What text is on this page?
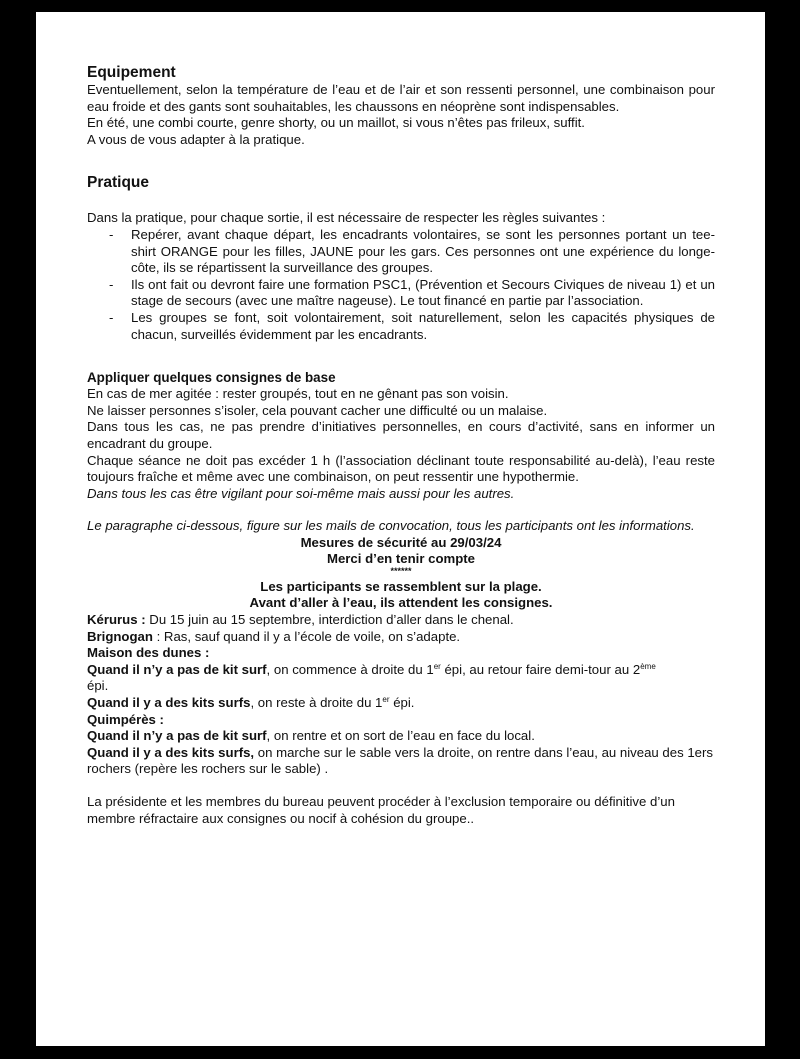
Equipement

Eventuellement, selon la température de l’eau et de l’air et son ressenti personnel, une combinaison pour eau froide et des gants sont souhaitables, les chaussons en néoprène sont indispensables.

En été, une combi courte, genre shorty, ou un maillot, si vous n’êtes pas frileux, suffit.

A vous de vous adapter à la pratique.

Pratique

Dans la pratique, pour chaque sortie, il est nécessaire de respecter les règles suivantes :

- Repérer, avant chaque départ, les encadrants volontaires, se sont les personnes portant un tee-shirt ORANGE pour les filles, JAUNE pour les gars. Ces personnes ont une expérience du longe-côte, ils se répartissent la surveillance des groupes.
- Ils ont fait ou devront faire une formation PSC1, (Prévention et Secours Civiques de niveau 1) et un stage de secours (avec une maître nageuse). Le tout financé en partie par l’association.
- Les groupes se font, soit volontairement, soit naturellement, selon les capacités physiques de chacun, surveillés évidemment par les encadrants.
Appliquer quelques consignes de base

En cas de mer agitée : rester groupés, tout en ne gênant pas son voisin.

Ne laisser personnes s’isoler, cela pouvant cacher une difficulté ou un malaise.

Dans tous les cas, ne pas prendre d’initiatives personnelles, en cours d’activité, sans en informer un encadrant du groupe.

Chaque séance ne doit pas excéder 1 h (l’association déclinant toute responsabilité au-delà), l’eau reste toujours fraîche et même avec une combinaison, on peut ressentir une hypothermie.

Dans tous les cas être vigilant pour soi-même mais aussi pour les autres.

Le paragraphe ci-dessous, figure sur les mails de convocation, tous les participants ont les informations.

Mesures de sécurité au 29/03/24

Merci d’en tenir compte

******

Les participants se rassemblent sur la plage.

Avant d’aller à l’eau, ils attendent les consignes.

Kérurus : Du 15 juin au 15 septembre, interdiction d’aller dans le chenal.

Brignogan : Ras, sauf quand il y a l’école de voile, on s’adapte.

Maison des dunes :

Quand il n’y a pas de kit surf, on commence à droite du 1er épi, au retour faire demi-tour au 2ème
épi.

Quand il y a des kits surfs, on reste à droite du 1er épi.

Quimpérès :

Quand il n’y a pas de kit surf, on rentre et on sort de l’eau en face du local.

Quand il y a des kits surfs, on marche sur le sable vers la droite, on rentre dans l’eau, au niveau des 1ers rochers (repère les rochers sur le sable) .

La présidente et les membres du bureau peuvent procéder à l’exclusion temporaire ou définitive d’un membre réfractaire aux consignes ou nocif à cohésion du groupe..
